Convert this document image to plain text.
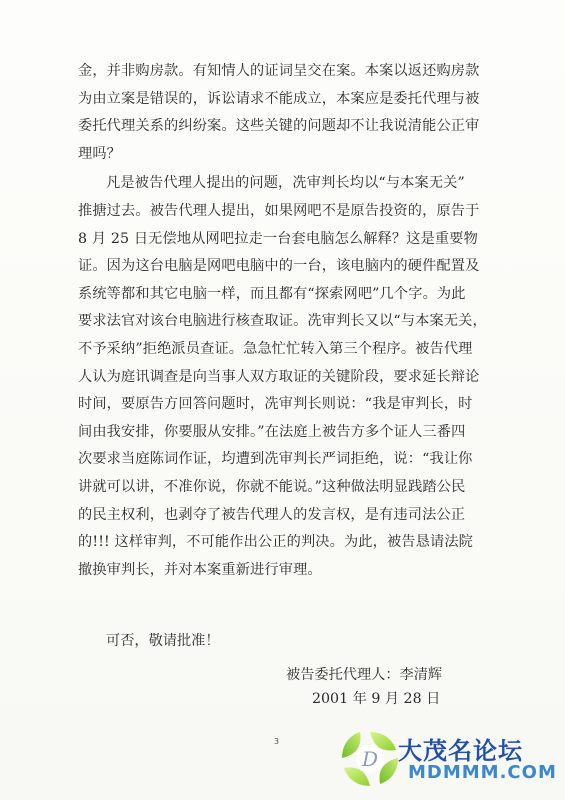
金，并非购房款。有知情人的证词呈交在案。本案以返还购房款
为由立案是错误的，诉讼请求不能成立，本案应是委托代理与被
委托代理关系的纠纷案。这些关键的问题却不让我说清能公正审
理吗？

凡是被告代理人提出的问题，冼审判长均以“与本案无关”
推搪过去。被告代理人提出，如果网吧不是原告投资的，原告于
8 月 25 日无偿地从网吧拉走一台套电脑怎么解释？这是重要物
证。因为这台电脑是网吧电脑中的一台，该电脑内的硬件配置及
系统等都和其它电脑一样，而且都有“探索网吧”几个字。为此
要求法官对该台电脑进行核查取证。冼审判长又以“与本案无关，
不予采纳”拒绝派员查证。急急忙忙转入第三个程序。被告代理
人认为庭讯调查是向当事人双方取证的关键阶段，要求延长辩论
时间，要原告方回答问题时，冼审判长则说：“我是审判长，时
间由我安排，你要服从安排。”在法庭上被告方多个证人三番四
次要求当庭陈词作证，均遭到冼审判长严词拒绝，说：“我让你
讲就可以讲，不准你说，你就不能说。”这种做法明显践踏公民
的民主权利，也剥夺了被告代理人的发言权，是有违司法公正
的!!! 这样审判，不可能作出公正的判决。为此，被告恳请法院
撤换审判长，并对本案重新进行审理。

可否，敬请批准！
被告委托代理人：李清辉
2001 年 9 月 28 日
3
D 大茂名论坛
MDMMM.COM
